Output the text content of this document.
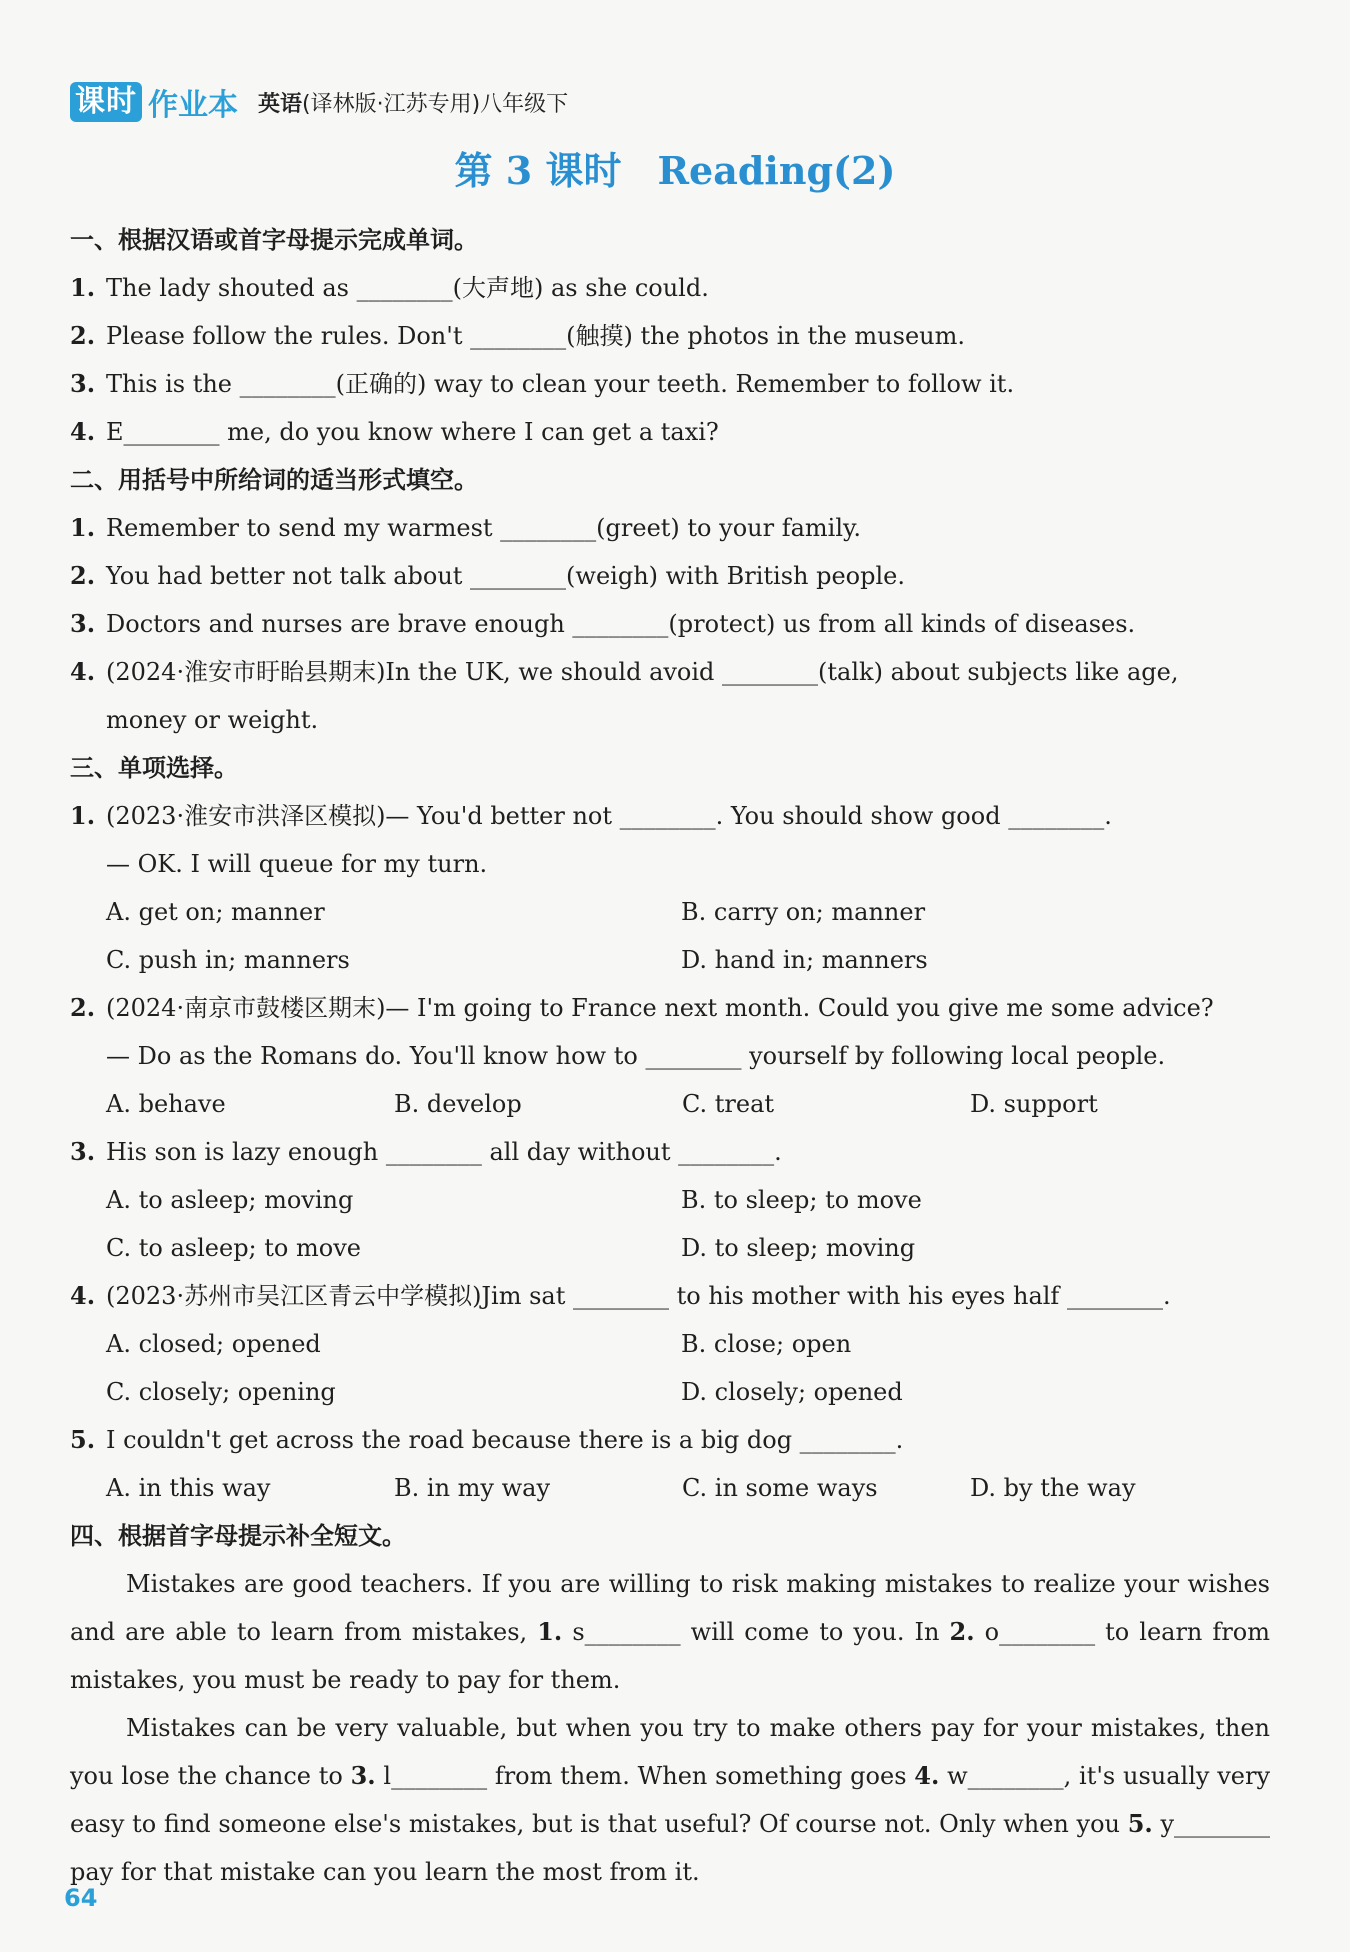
课时 作业本 英语(译林版·江苏专用)八年级下
第 3 课时 Reading(2)
一、根据汉语或首字母提示完成单词。
1. The lady shouted as ________(大声地) as she could.
2. Please follow the rules. Don't ________(触摸) the photos in the museum.
3. This is the ________(正确的) way to clean your teeth. Remember to follow it.
4. E________ me, do you know where I can get a taxi?
二、用括号中所给词的适当形式填空。
1. Remember to send my warmest ________(greet) to your family.
2. You had better not talk about ________(weigh) with British people.
3. Doctors and nurses are brave enough ________(protect) us from all kinds of diseases.
4. (2024·淮安市盱眙县期末)In the UK, we should avoid ________(talk) about subjects like age,
money or weight.
三、单项选择。
1. (2023·淮安市洪泽区模拟)— You'd better not ________. You should show good ________.
— OK. I will queue for my turn.
A. get on; manner	B. carry on; manner
C. push in; manners	D. hand in; manners
2. (2024·南京市鼓楼区期末)— I'm going to France next month. Could you give me some advice?
— Do as the Romans do. You'll know how to ________ yourself by following local people.
A. behave	B. develop	C. treat	D. support
3. His son is lazy enough ________ all day without ________.
A. to asleep; moving	B. to sleep; to move
C. to asleep; to move	D. to sleep; moving
4. (2023·苏州市吴江区青云中学模拟)Jim sat ________ to his mother with his eyes half ________.
A. closed; opened	B. close; open
C. closely; opening	D. closely; opened
5. I couldn't get across the road because there is a big dog ________.
A. in this way	B. in my way	C. in some ways	D. by the way
四、根据首字母提示补全短文。
Mistakes are good teachers. If you are willing to risk making mistakes to realize your wishes and are able to learn from mistakes, 1. s________ will come to you. In 2. o________ to learn from mistakes, you must be ready to pay for them.
Mistakes can be very valuable, but when you try to make others pay for your mistakes, then you lose the chance to 3. l________ from them. When something goes 4. w________, it's usually very easy to find someone else's mistakes, but is that useful? Of course not. Only when you 5. y________ pay for that mistake can you learn the most from it.
64
